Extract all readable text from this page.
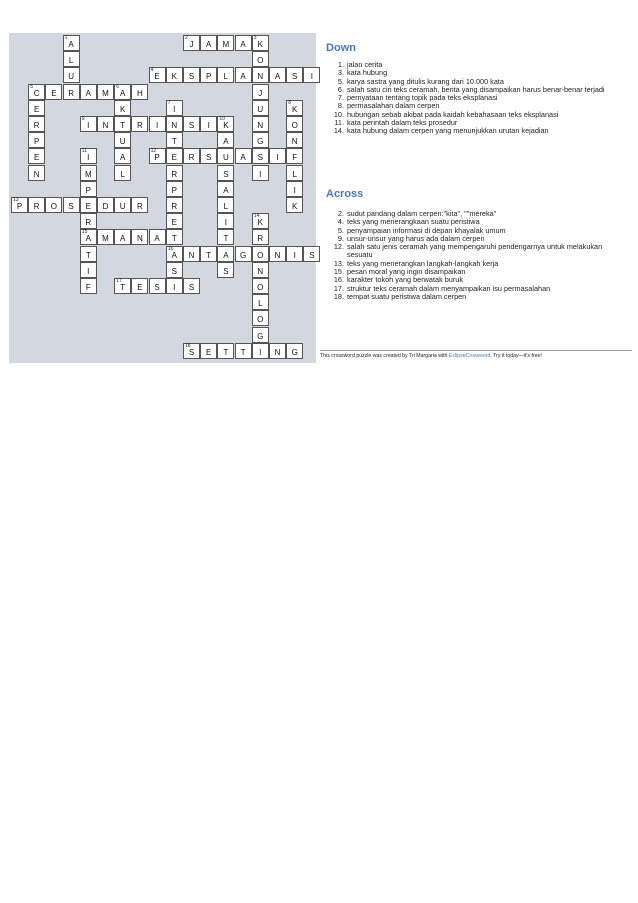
1
A
2
J	A	M	A
3
K
L	O
U
4
E	K	S	P	L	A	N	A	S	I
5
C	E	R	A	M
6
A	H	J
E	K
7
I	U
8
K
R
9
I	N	T	R	I	N	S	I
10
K	N	O
P	U	T	A	G	N
E
11
I	A
12
P	E	R	S	U	A	S	I	F
N	M	L	R	S	I	L
P	P	A	I
13
P	R	O	S	E	D	U	R	R	L	K
R	E	I
14
K
15
A	M	A	N	A	T	T	R
T
16
A	N	T	A	G	O	N	I	S
I	S	S	N
F
17
T	E	S	I	S	O
L
O
G
18
S	E	T	T	I	N	G
Down
1. jalan cerita
3. kata hubung
5. karya sastra yang ditulis kurang dari 10.000 kata
6. salah satu ciri teks ceramah, berita yang disampaikan harus benar-benar terjadi
7. pernyataan tentang topik pada teks eksplanasi
8. permasalahan dalam cerpen
10. hubungan sebab akibat pada kaidah kebahasaan teks eksplanasi
11. kata perintah dalam teks prosedur
14. kata hubung dalam cerpen yang menunjukkan urutan kejadian
Across
2. sudut pandang dalam cerpen:"kita", ""mereka"
4. teks yang menerangkaan suatu peristiwa
5. penyampaian informasi di depan khayalak umum
9. unsur-unsur yang harus ada dalam cerpen
12. salah satu jenis ceramah yang mempengaruhi pendengarnya untuk melakukan sesuatu
13. teks yang menerangkan langkah-langkah kerja
15. pesan moral yang ingin disampaikan
16. karakter tokoh yang berwatak buruk
17. struktur teks ceramah dalam menyampaikan isu permasalahan
18. tempat suatu peristiwa dalam cerpen
This crossword puzzle was created by Tri Margaria with EclipseCrossword. Try it today—it's free!
